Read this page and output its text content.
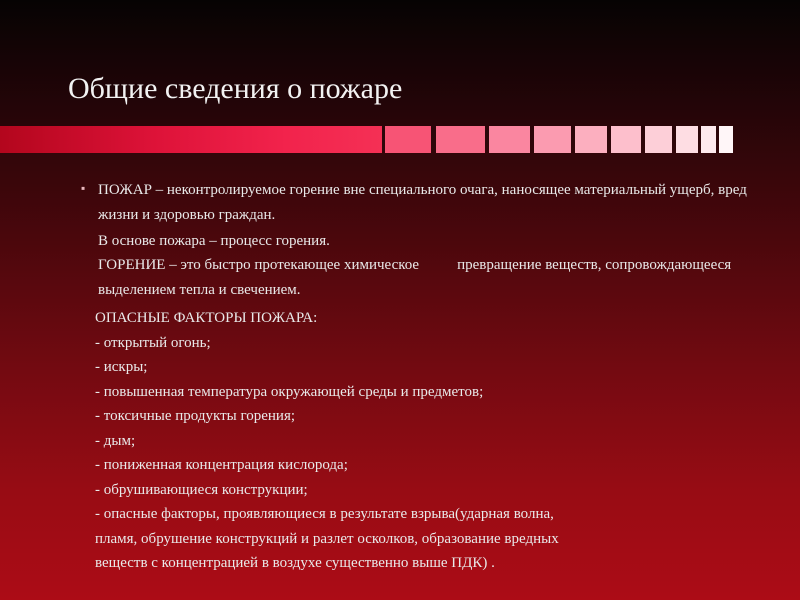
Общие сведения о пожаре
▪ ПОЖАР – неконтролируемое горение вне специального очага, наносящее материальный ущерб, вред жизни и здоровью граждан.
В основе пожара – процесс горения.
ГОРЕНИЕ – это быстро протекающее химическое	превращение веществ, сопровождающееся выделением тепла и свечением.
ОПАСНЫЕ ФАКТОРЫ ПОЖАРА:
- открытый огонь;
- искры;
- повышенная температура окружающей среды и предметов;
- токсичные продукты горения;
- дым;
- пониженная концентрация кислорода;
- обрушивающиеся конструкции;
- опасные факторы, проявляющиеся в результате взрыва(ударная волна,
пламя, обрушение конструкций и разлет осколков, образование вредных
веществ с концентрацией в воздухе существенно выше ПДК) .
